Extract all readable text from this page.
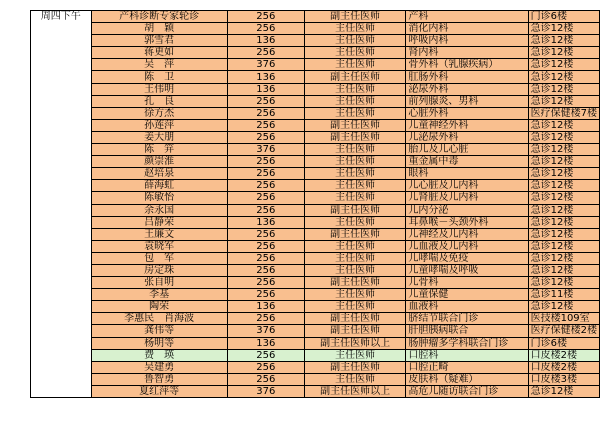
周四下午	产科诊断专家轮诊	256	副主任医师	产科	门诊6楼
	胡　颖	256	主任医师	消化内科	急诊12楼
	郭雪君	136	主任医师	呼吸内科	急诊12楼
	蒋更如	256	主任医师	肾内科	急诊12楼
	吴　萍	376	主任医师	骨外科（乳腺疾病）	急诊12楼
	陈　卫	136	副主任医师	肛肠外科	急诊12楼
	王伟明	136	主任医师	泌尿外科	急诊12楼
	孔　良	256	主任医师	前列腺炎、男科	急诊12楼
	徐方杰	256	主任医师	心脏外科	医疗保健楼7楼
	孙莲萍	256	副主任医师	儿童神经外科	急诊12楼
	姜大朋	256	副主任医师	儿泌尿外科	急诊12楼
	陈　笄	376	主任医师	胎儿及儿心脏	急诊12楼
	颜崇淮	256	主任医师	重金属中毒	急诊12楼
	赵培泉	256	主任医师	眼科	急诊12楼
	薛海虹	256	主任医师	儿心脏及儿内科	急诊12楼
	陈敏怡	256	主任医师	儿肾脏及儿内科	急诊12楼
	余永国	256	副主任医师	儿内分泌	急诊12楼
	吕静荣	136	主任医师	耳鼻喉－头颈外科	急诊12楼
	王廉文	256	副主任医师	儿神经及儿内科	急诊12楼
	袁晓军	256	主任医师	儿血液及儿内科	急诊12楼
	包　军	256	主任医师	儿哮喘及免疫	急诊12楼
	房定珠	256	主任医师	儿童哮喘及呼吸	急诊12楼
	张自明	256	副主任医师	儿骨科	急诊12楼
	李基	256	主任医师	儿童保健	急诊11楼
	陶荣	136	主任医师	血液科	急诊12楼
	李惠民　肖海波	256	副主任医师	脐结节联合门诊	医技楼109室
	龚伟等	376	副主任医师	肝胆胰病联合	医疗保健楼2楼
	杨明等	136	副主任医师以上	肠肿瘤多学科联合门诊	门诊6楼
	费　瑛	256	主任医师	口腔科	口皮楼2楼
	吴建勇	256	副主任医师	口腔正畸	口皮楼2楼
	鲁智勇	256	主任医师	皮肤科（疑难）	口皮楼3楼
	夏红萍等	376	副主任医师以上	高危儿随访联合门诊	急诊12楼
